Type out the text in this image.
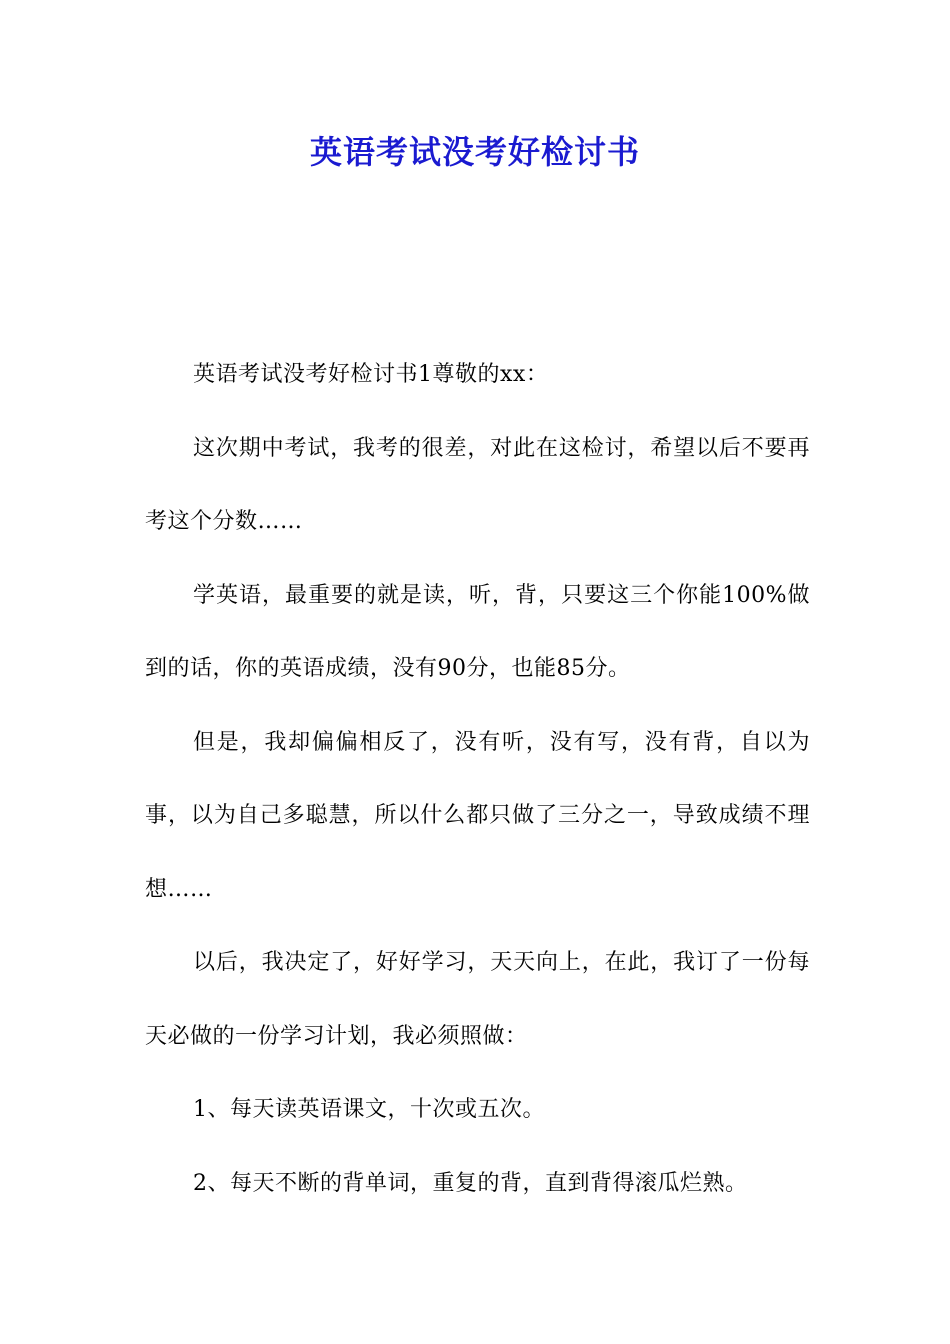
英语考试没考好检讨书

英语考试没考好检讨书1尊敬的xx：

这次期中考试，我考的很差，对此在这检讨，希望以后不要再考这个分数……

学英语，最重要的就是读，听，背，只要这三个你能100%做到的话，你的英语成绩，没有90分，也能85分。

但是，我却偏偏相反了，没有听，没有写，没有背，自以为事，以为自己多聪慧，所以什么都只做了三分之一，导致成绩不理想……

以后，我决定了，好好学习，天天向上，在此，我订了一份每天必做的一份学习计划，我必须照做：

1、每天读英语课文，十次或五次。

2、每天不断的背单词，重复的背，直到背得滚瓜烂熟。
